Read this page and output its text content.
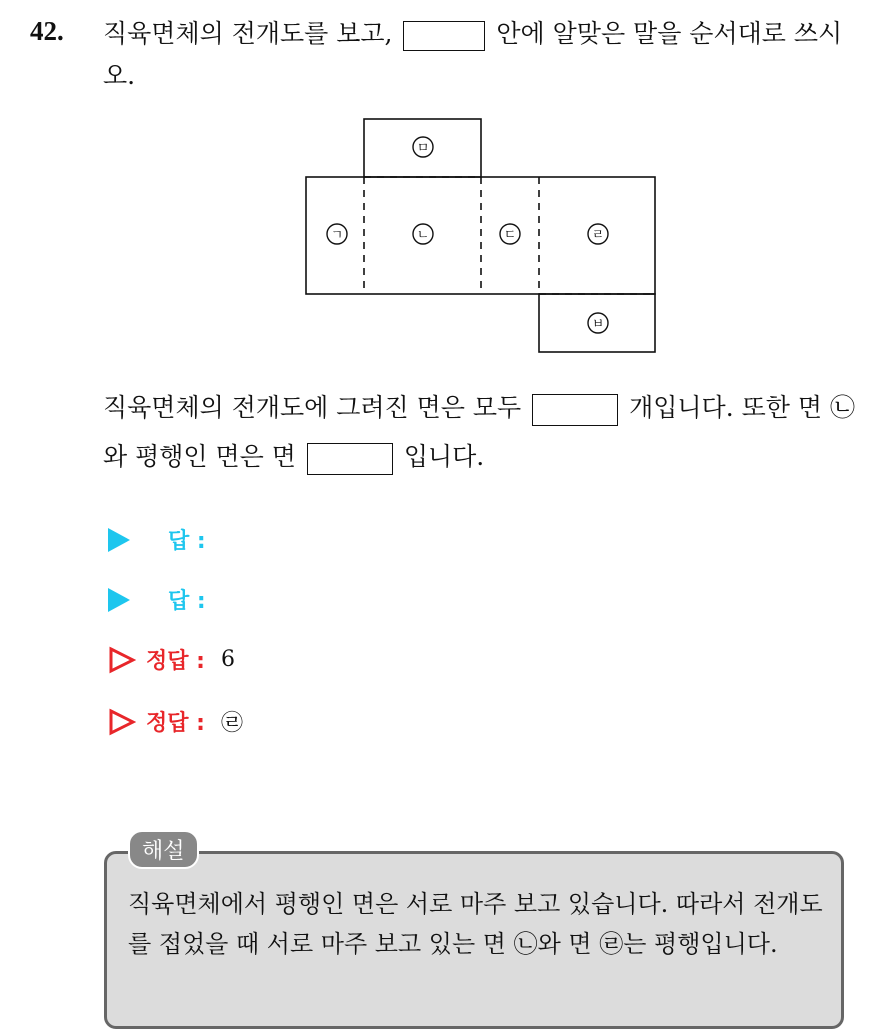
42. 직육면체의 전개도를 보고,	안에 알맞은 말을 순서대로 쓰시
오.
ㅁ
ㄱ	ㄴ	ㄷ	ㄹ
ㅂ
직육면체의 전개도에 그려진 면은 모두	개입니다. 또한 면 ㉡
와 평행인 면은 면	입니다.
답 :
답 :
정답 : 6
정답 : ㉣
해설
직육면체에서 평행인 면은 서로 마주 보고 있습니다. 따라서 전개도를 접었을 때 서로 마주 보고 있는 면 ㉡와 면 ㉣는 평행입니다.
